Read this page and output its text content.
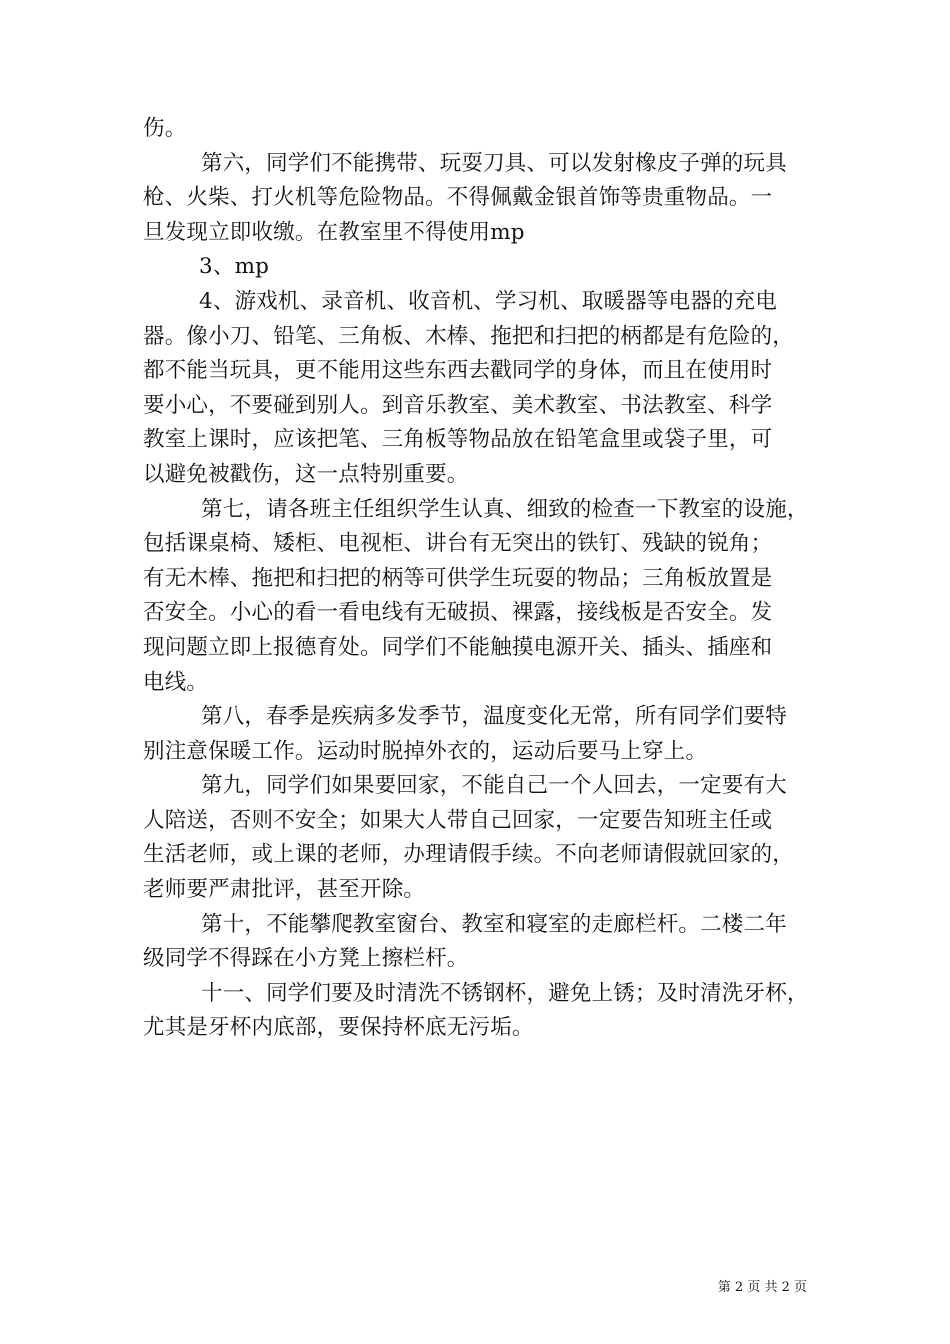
伤。
第六，同学们不能携带、玩耍刀具、可以发射橡皮子弹的玩具
枪、火柴、打火机等危险物品。不得佩戴金银首饰等贵重物品。一
旦发现立即收缴。在教室里不得使用mp
3、mp
4、游戏机、录音机、收音机、学习机、取暖器等电器的充电
器。像小刀、铅笔、三角板、木棒、拖把和扫把的柄都是有危险的，
都不能当玩具，更不能用这些东西去戳同学的身体，而且在使用时
要小心，不要碰到别人。到音乐教室、美术教室、书法教室、科学
教室上课时，应该把笔、三角板等物品放在铅笔盒里或袋子里，可
以避免被戳伤，这一点特别重要。
第七，请各班主任组织学生认真、细致的检查一下教室的设施，
包括课桌椅、矮柜、电视柜、讲台有无突出的铁钉、残缺的锐角；
有无木棒、拖把和扫把的柄等可供学生玩耍的物品；三角板放置是
否安全。小心的看一看电线有无破损、裸露，接线板是否安全。发
现问题立即上报德育处。同学们不能触摸电源开关、插头、插座和
电线。
第八，春季是疾病多发季节，温度变化无常，所有同学们要特
别注意保暖工作。运动时脱掉外衣的，运动后要马上穿上。
第九，同学们如果要回家，不能自己一个人回去，一定要有大
人陪送，否则不安全；如果大人带自己回家，一定要告知班主任或
生活老师，或上课的老师，办理请假手续。不向老师请假就回家的，
老师要严肃批评，甚至开除。
第十，不能攀爬教室窗台、教室和寝室的走廊栏杆。二楼二年
级同学不得踩在小方凳上擦栏杆。
十一、同学们要及时清洗不锈钢杯，避免上锈；及时清洗牙杯，
尤其是牙杯内底部，要保持杯底无污垢。
第 2 页 共 2 页
